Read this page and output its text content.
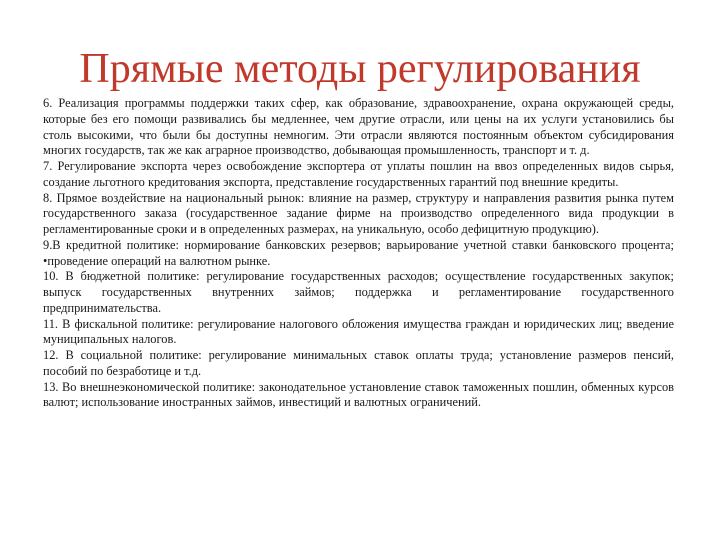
Прямые методы регулирования

6. Реализация программы поддержки таких сфер, как образование, здравоохранение, охрана окружающей среды, которые без его помощи развивались бы медленнее, чем другие отрасли, или цены на их услуги установились бы столь высокими, что были бы доступны немногим. Эти отрасли являются постоянным объектом субсидирования многих государств, так же как аграрное производство, добывающая промышленность, транспорт и т. д.

7. Регулирование экспорта через освобождение экспортера от уплаты пошлин на ввоз определенных видов сырья, создание льготного кредитования экспорта, представление государственных гарантий под внешние кредиты.

8. Прямое воздействие на национальный рынок: влияние на размер, структуру и направления развития рынка путем государственного заказа (государственное задание фирме на производство определенного вида продукции в регламентированные сроки и в определенных размерах, на уникальную, особо дефицитную продукцию).

9.В кредитной политике: нормирование банковских резервов; варьирование учетной ставки банковского процента; •проведение операций на валютном рынке.

10. В бюджетной политике: регулирование государственных расходов; осуществление государственных закупок; выпуск государственных внутренних займов; поддержка и регламентирование государственного предпринимательства.

11. В фискальной политике: регулирование налогового обложения имущества граждан и юридических лиц; введение муниципальных налогов.

12. В социальной политике: регулирование минимальных ставок оплаты труда; установление размеров пенсий, пособий по безработице и т.д.

13. Во внешнеэкономической политике: законодательное установление ставок таможенных пошлин, обменных курсов валют; использование иностранных займов, инвестиций и валютных ограничений.
